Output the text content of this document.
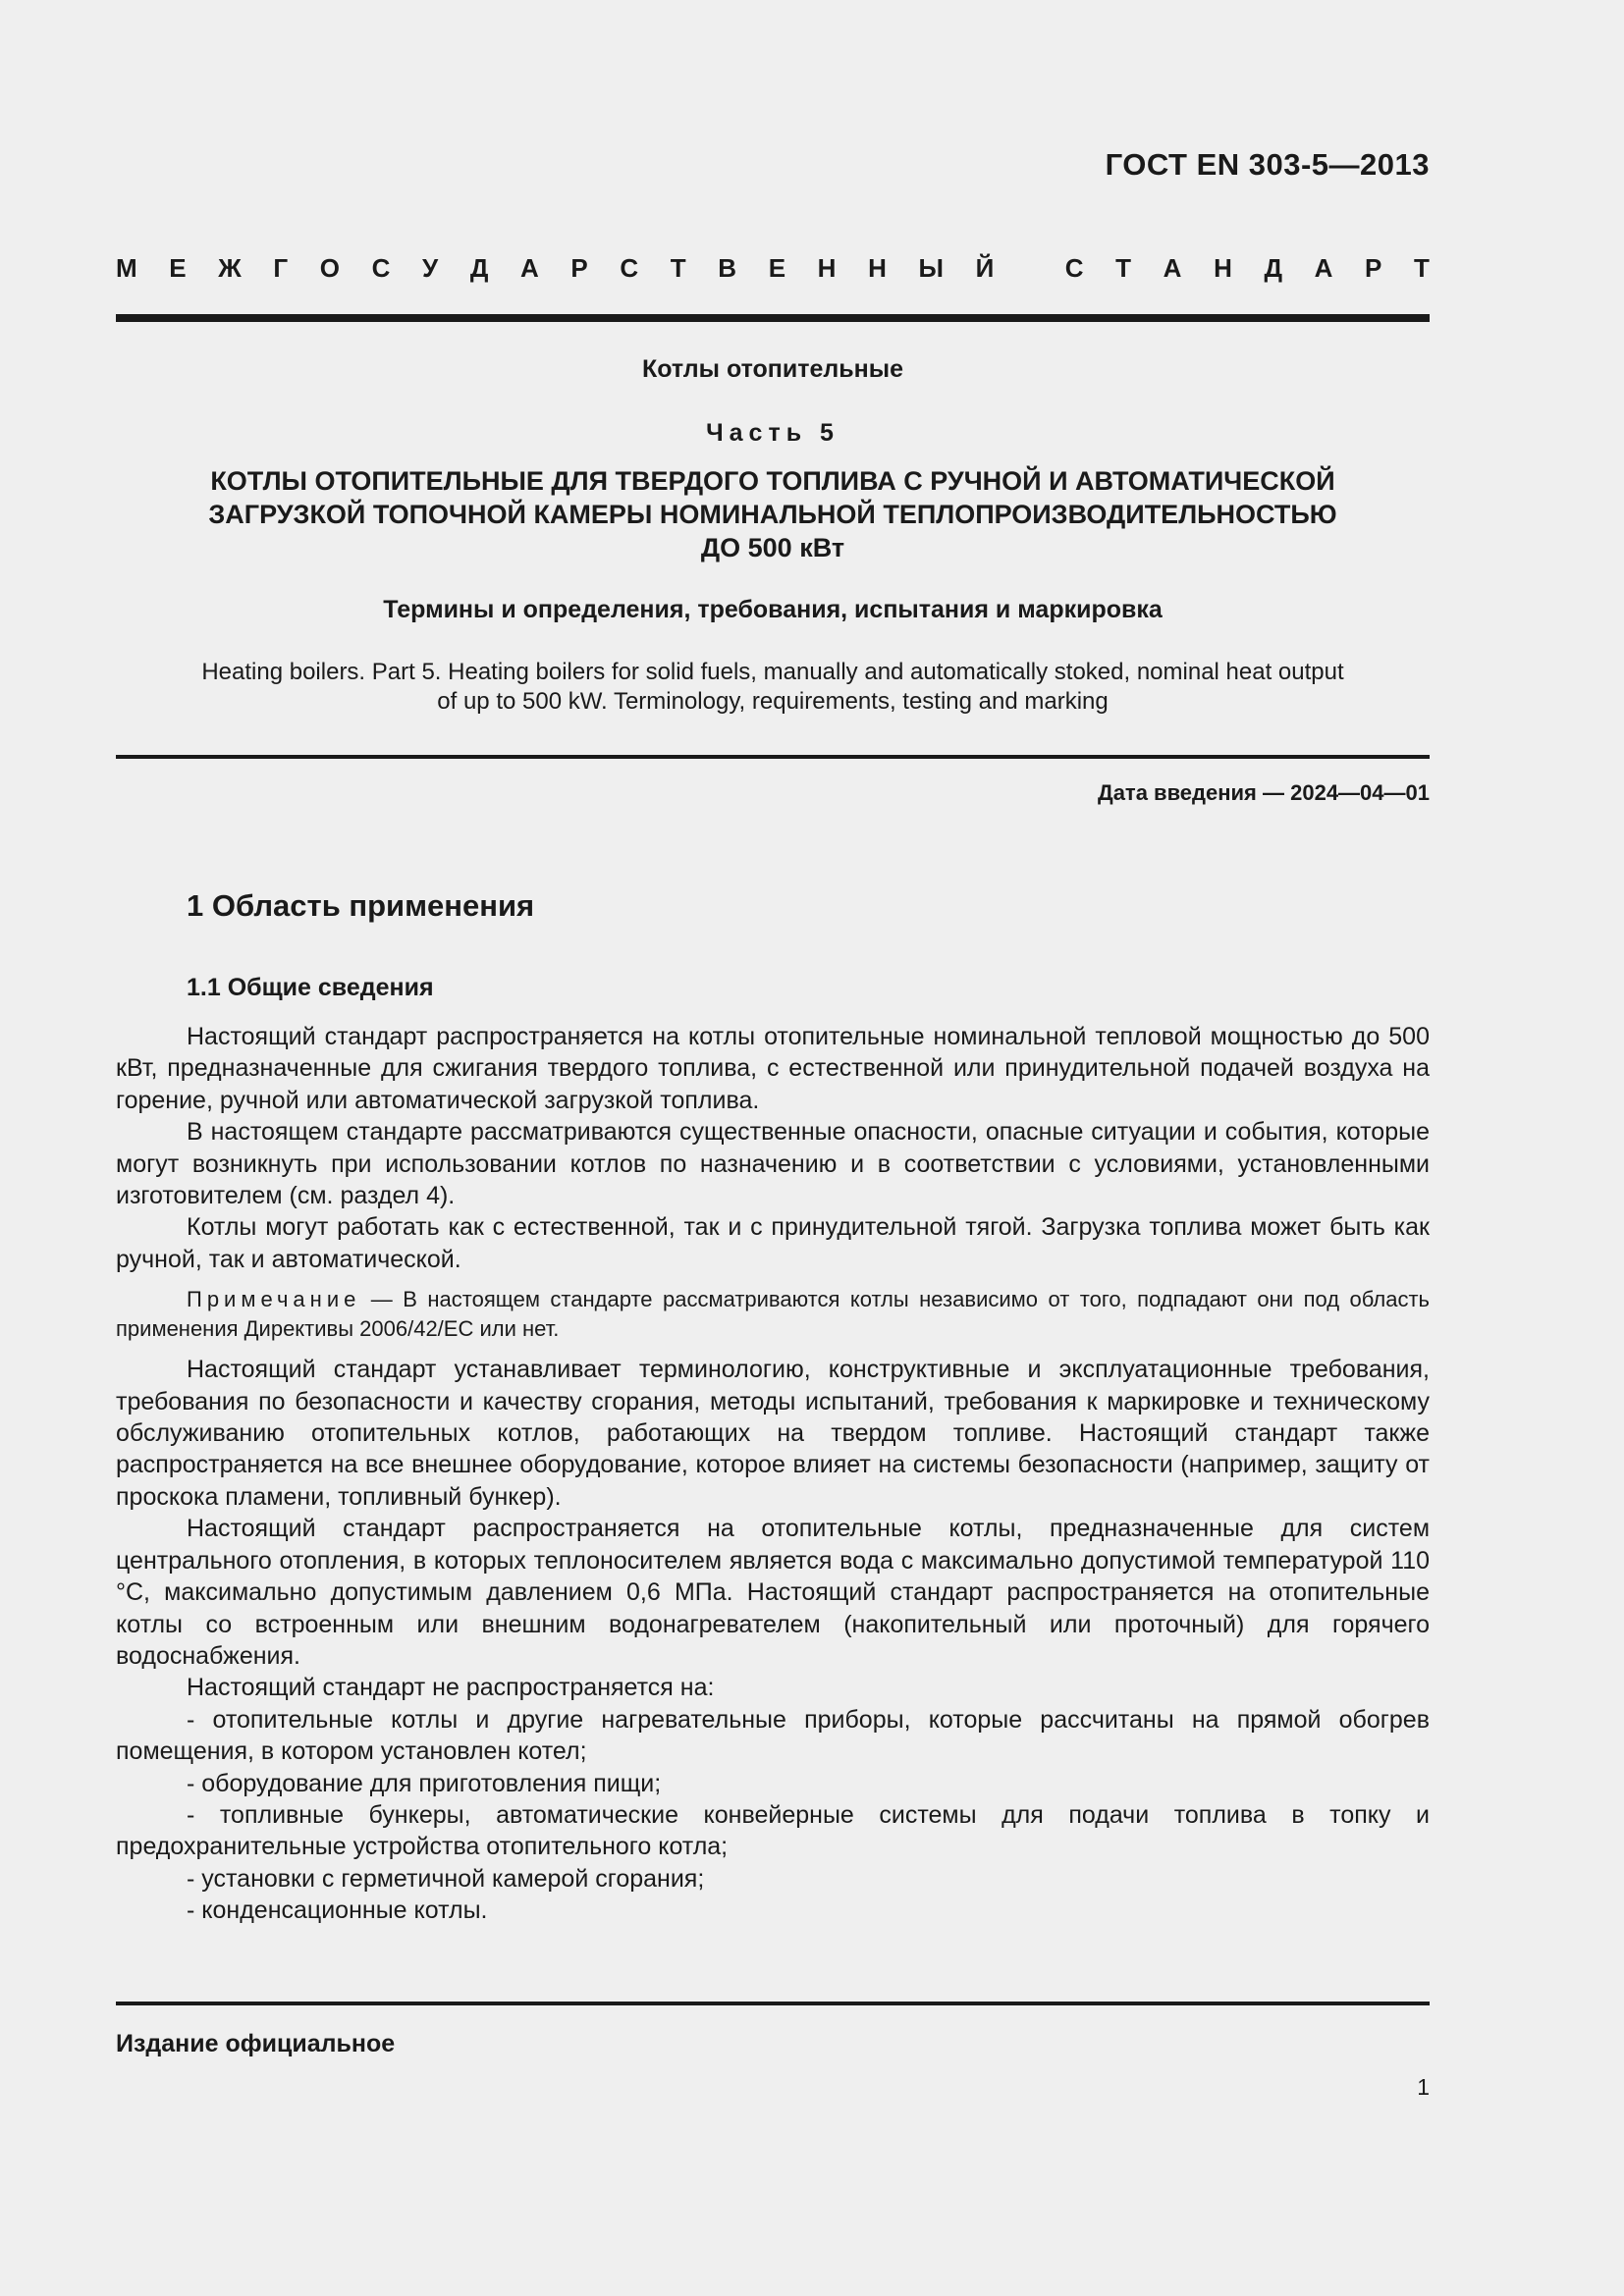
ГОСТ EN 303-5—2013
М Е Ж Г О С У Д А Р С Т В Е Н Н Ы Й
	С Т А Н Д А Р Т
Котлы отопительные
Часть 5
КОТЛЫ ОТОПИТЕЛЬНЫЕ ДЛЯ ТВЕРДОГО ТОПЛИВА С РУЧНОЙ И АВТОМАТИЧЕСКОЙ
ЗАГРУЗКОЙ ТОПОЧНОЙ КАМЕРЫ НОМИНАЛЬНОЙ ТЕПЛОПРОИЗВОДИТЕЛЬНОСТЬЮ
ДО 500 кВт
Термины и определения, требования, испытания и маркировка
Heating boilers. Part 5. Heating boilers for solid fuels, manually and automatically stoked, nominal heat output
of up to 500 kW. Terminology, requirements, testing and marking
Дата введения — 2024—04—01
1 Область применения
1.1 Общие сведения

Настоящий стандарт распространяется на котлы отопительные номинальной тепловой мощностью до 500 кВт, предназначенные для сжигания твердого топлива, с естественной или принудительной подачей воздуха на горение, ручной или автоматической загрузкой топлива.

В настоящем стандарте рассматриваются существенные опасности, опасные ситуации и события, которые могут возникнуть при использовании котлов по назначению и в соответствии с условиями, установленными изготовителем (см. раздел 4).

Котлы могут работать как с естественной, так и с принудительной тягой. Загрузка топлива может быть как ручной, так и автоматической.

Примечание — В настоящем стандарте рассматриваются котлы независимо от того, подпадают они под область применения Директивы 2006/42/ЕС или нет.

Настоящий стандарт устанавливает терминологию, конструктивные и эксплуатационные требования, требования по безопасности и качеству сгорания, методы испытаний, требования к маркировке и техническому обслуживанию отопительных котлов, работающих на твердом топливе. Настоящий стандарт также распространяется на все внешнее оборудование, которое влияет на системы безопасности (например, защиту от проскока пламени, топливный бункер).

Настоящий стандарт распространяется на отопительные котлы, предназначенные для систем центрального отопления, в которых теплоносителем является вода с максимально допустимой температурой 110 °С, максимально допустимым давлением 0,6 МПа. Настоящий стандарт распространяется на отопительные котлы со встроенным или внешним водонагревателем (накопительный или проточный) для горячего водоснабжения.

Настоящий стандарт не распространяется на:

- отопительные котлы и другие нагревательные приборы, которые рассчитаны на прямой обогрев помещения, в котором установлен котел;

- оборудование для приготовления пищи;

- топливные бункеры, автоматические конвейерные системы для подачи топлива в топку и предохранительные устройства отопительного котла;

- установки с герметичной камерой сгорания;

- конденсационные котлы.

Издание официальное
1
